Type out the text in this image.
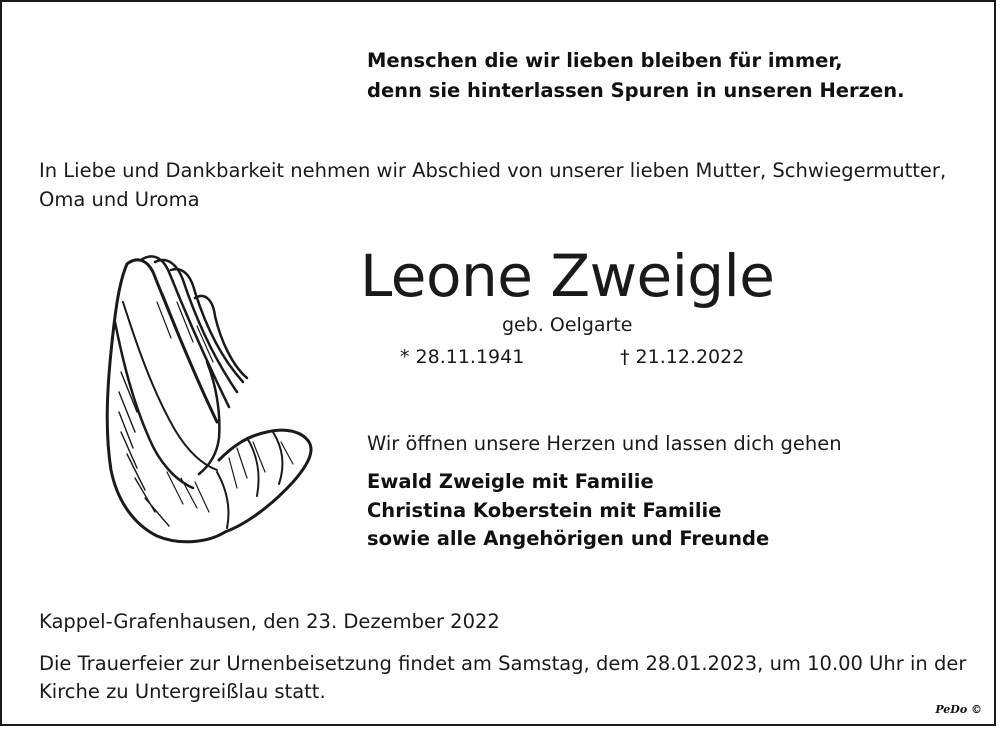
Menschen die wir lieben bleiben für immer,
denn sie hinterlassen Spuren in unseren Herzen.
In Liebe und Dankbarkeit nehmen wir Abschied von unserer lieben Mutter, Schwiegermutter, Oma und Uroma
Leone Zweigle
geb. Oelgarte
* 28.11.1941	† 21.12.2022
Wir öffnen unsere Herzen und lassen dich gehen
Ewald Zweigle mit Familie
Christina Koberstein mit Familie
sowie alle Angehörigen und Freunde
Kappel-Grafenhausen, den 23. Dezember 2022
Die Trauerfeier zur Urnenbeisetzung findet am Samstag, dem 28.01.2023, um 10.00 Uhr in der Kirche zu Untergreißlau statt.
PeDo ©
